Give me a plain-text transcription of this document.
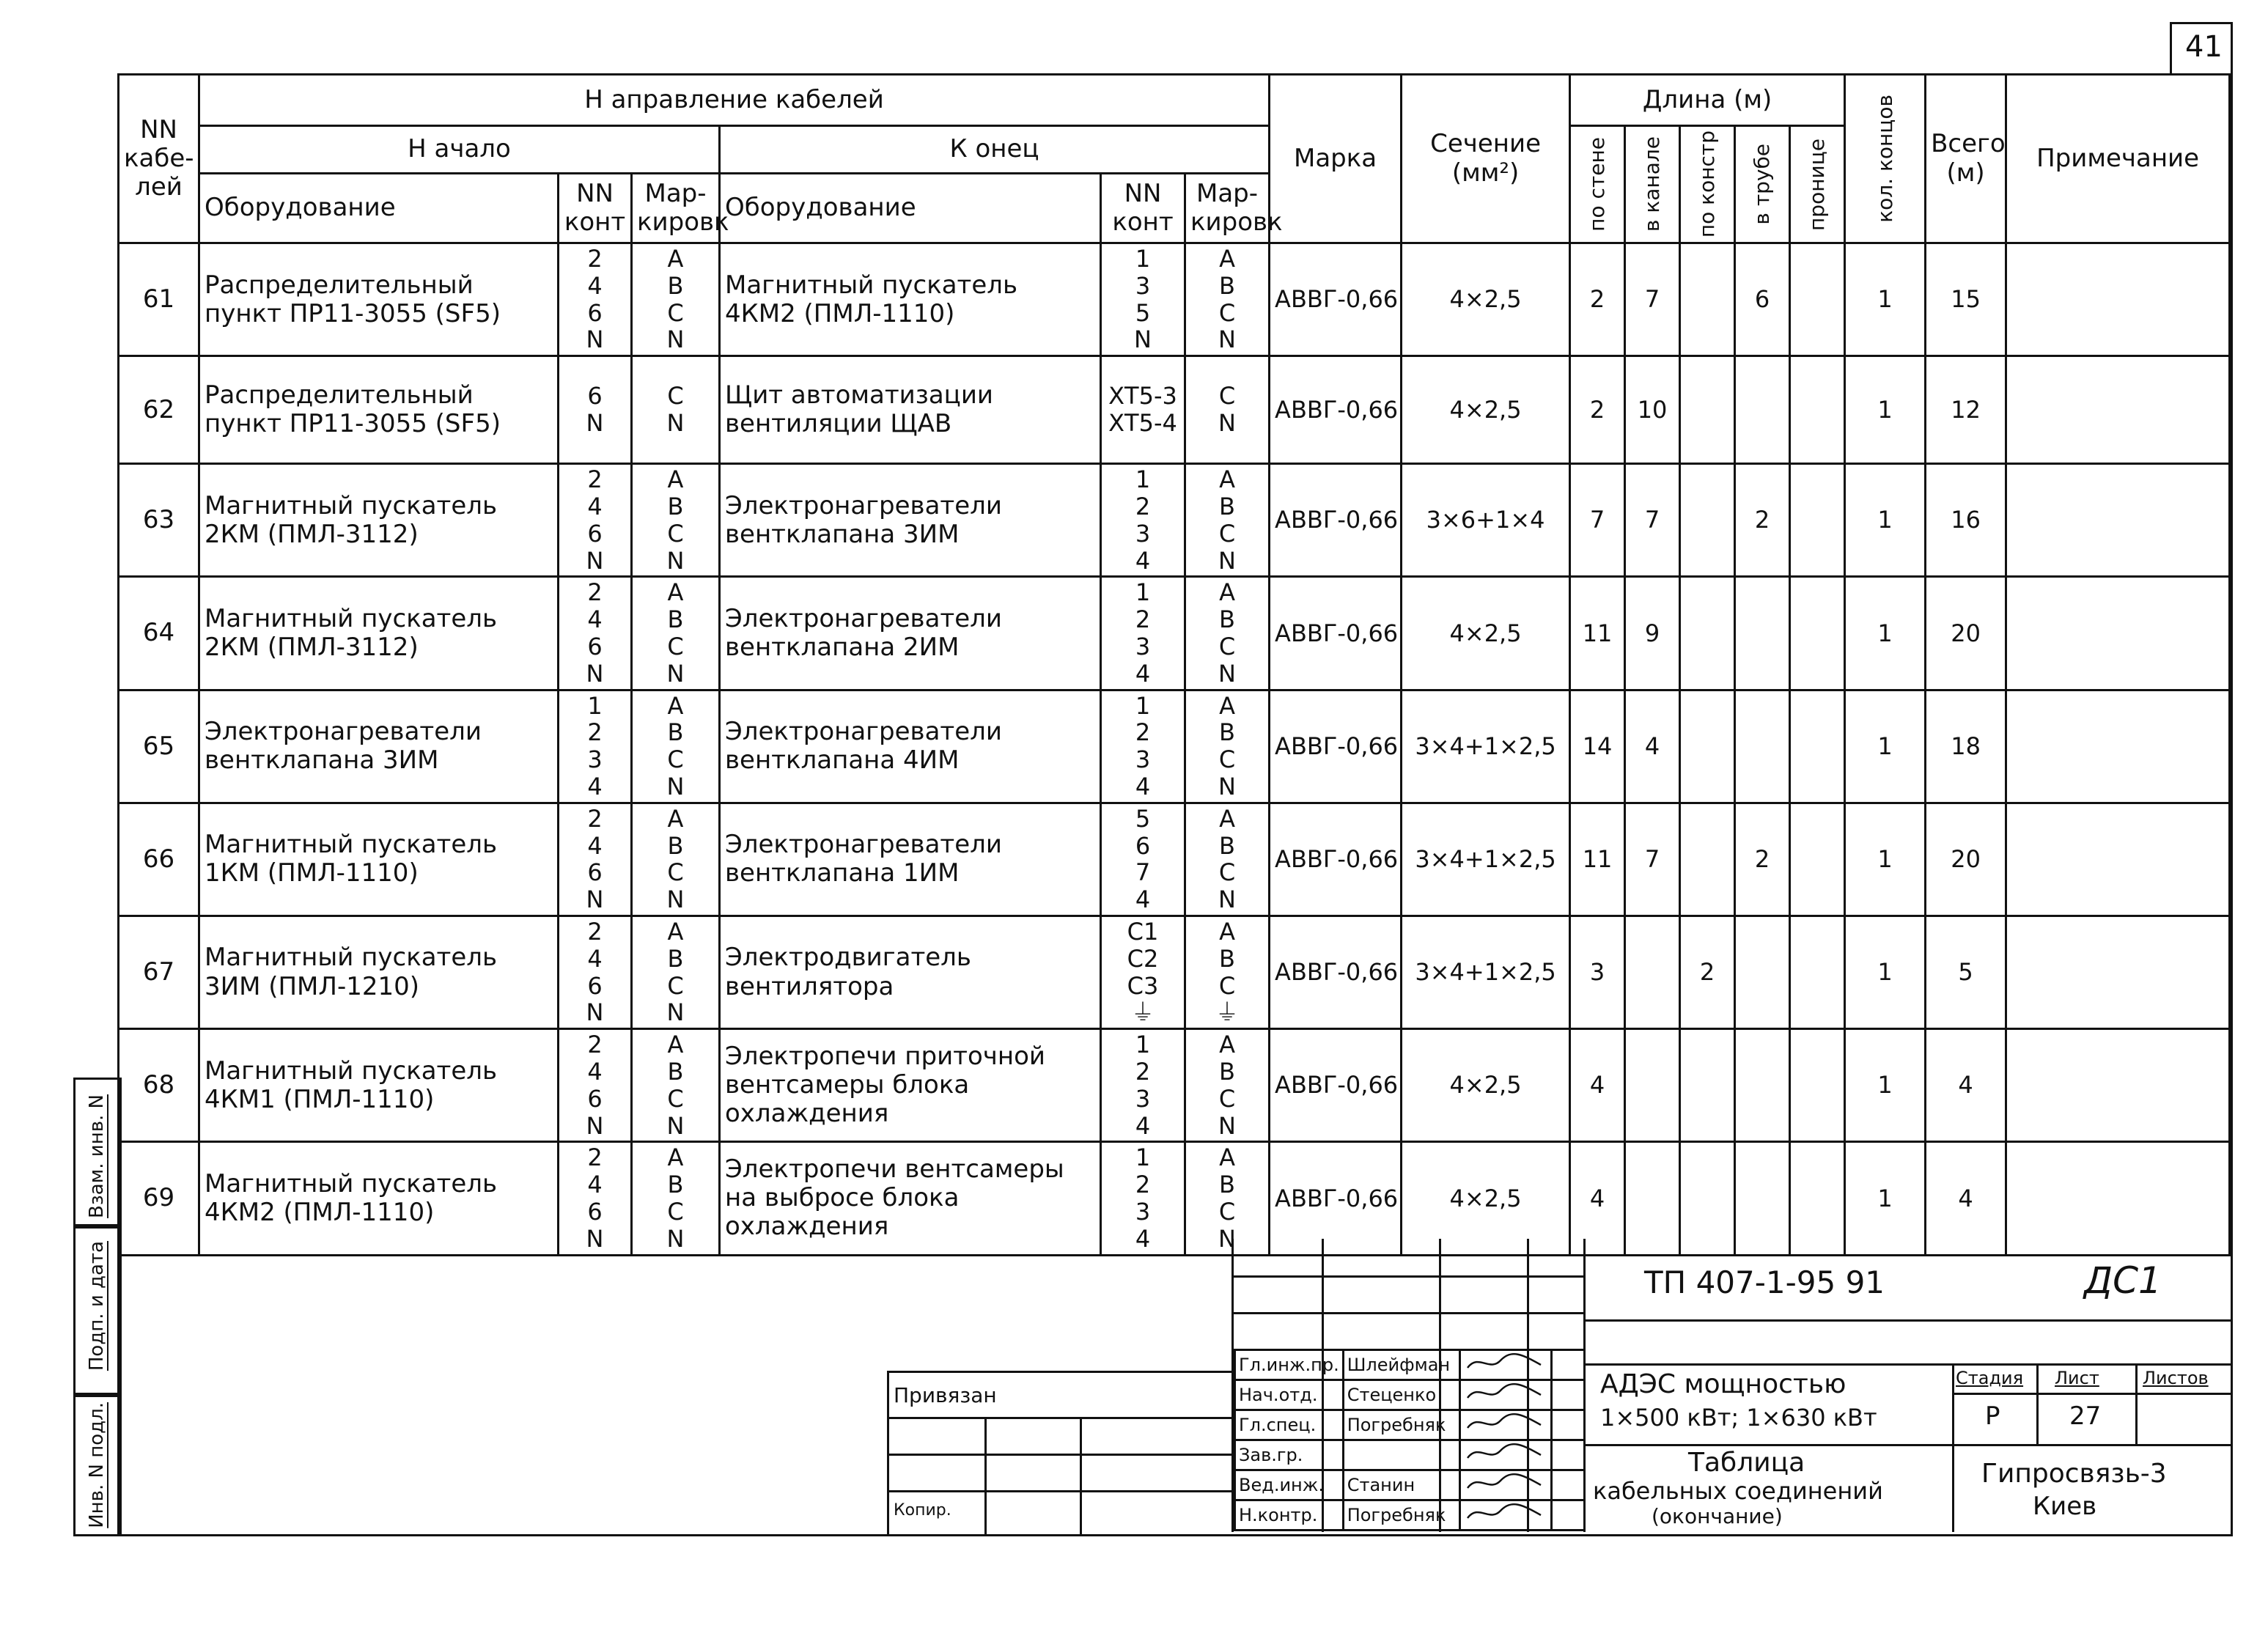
41
NN кабе-лей	Н аправление кабелей						Марка	Сечение (мм²)	Длина (м)					кол. концов	Всего (м)	Примечание
	Н ачало			К онец					по стене	в канале	по констр	в трубе	пронице			

	Оборудование	NN конт	Мар-кировк	Оборудование	NN конт	Мар-кировк										
61	Распределительный пункт ПР11-3055 (SF5)	2
4
6
N	A
B
C
N	Магнитный пускатель 4КМ2 (ПМЛ-1110)	1
3
5
N	A
B
C
N	АВВГ-0,66	4×2,5	2	7		6		1	15	
62	Распределительный пункт ПР11-3055 (SF5)	6
N	C
N	Щит автоматизации вентиляции ЩАВ	ХТ5-3
ХТ5-4	C
N	АВВГ-0,66	4×2,5	2	10				1	12	
63	Магнитный пускатель 2КМ (ПМЛ-3112)	2
4
6
N	A
B
C
N	Электронагреватели вентклапана 3ИМ	1
2
3
4	A
B
C
N	АВВГ-0,66	3×6+1×4	7	7		2		1	16	
64	Магнитный пускатель 2КМ (ПМЛ-3112)	2
4
6
N	A
B
C
N	Электронагреватели вентклапана 2ИМ	1
2
3
4	A
B
C
N	АВВГ-0,66	4×2,5	11	9				1	20	
65	Электронагреватели вентклапана 3ИМ	1
2
3
4	A
B
C
N	Электронагреватели вентклапана 4ИМ	1
2
3
4	A
B
C
N	АВВГ-0,66	3×4+1×2,5	14	4				1	18	
66	Магнитный пускатель 1КМ (ПМЛ-1110)	2
4
6
N	A
B
C
N	Электронагреватели вентклапана 1ИМ	5
6
7
4	A
B
C
N	АВВГ-0,66	3×4+1×2,5	11	7		2		1	20	
67	Магнитный пускатель 3ИМ (ПМЛ-1210)	2
4
6
N	A
B
C
N	Электродвигатель вентилятора	C1
C2
C3
⏚	A
B
C
⏚	АВВГ-0,66	3×4+1×2,5	3		2			1	5	
68	Магнитный пускатель 4КМ1 (ПМЛ-1110)	2
4
6
N	A
B
C
N	Электропечи приточной вентсамеры блока охлаждения	1
2
3
4	A
B
C
N	АВВГ-0,66	4×2,5	4					1	4	
69	Магнитный пускатель 4КМ2 (ПМЛ-1110)	2
4
6
N	A
B
C
N	Электропечи вентсамеры на выбросе блока охлаждения	1
2
3
4	A
B
C
N	АВВГ-0,66	4×2,5	4					1	4	
Взам. инв. N
Подп. и дата
Инв. N подл.
Гл.инж.пр.	Шлейфман		
Нач.отд.	Стеценко		
Гл.спец.	Погребняк		
Зав.гр.			
Вед.инж.	Станин		
Н.контр.	Погребняк		
Привязан
Копир.
ТП 407-1-95 91	ДС1
АДЭС мощностью
1×500 кВт; 1×630 кВт
Стадия Лист Листов
Р	27
Таблица
кабельных соединений
(окончание)
Гипросвязь-3
Киев
